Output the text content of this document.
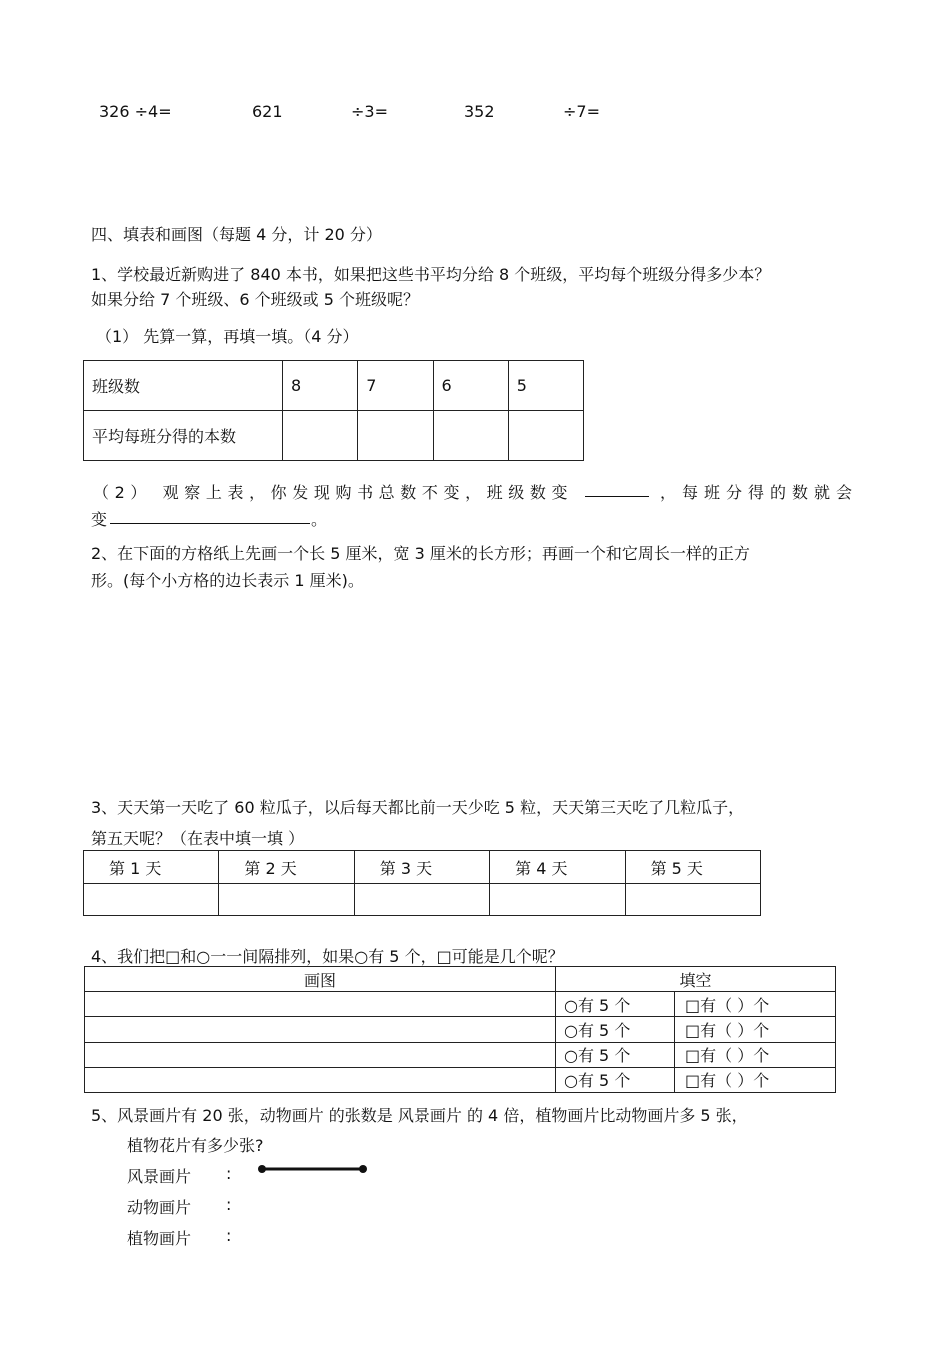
326 ÷4=	621	÷3=	352	÷7=
四、填表和画图（每题 4 分，计 20 分）
1、学校最近新购进了 840 本书，如果把这些书平均分给 8 个班级，平均每个班级分得多少本？
如果分给 7 个班级、6 个班级或 5 个班级呢？
（1） 先算一算，再填一填。（4 分）
班级数	8	7	6	5
平均每班分得的本数				
（2） 观察上表，你发现购书总数不变，班级数变	，每班分得的数就会
变	。
2、在下面的方格纸上先画一个长 5 厘米，宽 3 厘米的长方形；再画一个和它周长一样的正方
形。(每个小方格的边长表示 1 厘米)。
3、天天第一天吃了 60 粒瓜子，以后每天都比前一天少吃 5 粒，天天第三天吃了几粒瓜子，
第五天呢？（在表中填一填 ）
第 1 天	第 2 天	第 3 天	第 4 天	第 5 天

4、我们把□和○一一间隔排列，如果○有 5 个，□可能是几个呢？
画图	填空	
	○有 5 个	□有（ ）个
	○有 5 个	□有（ ）个
	○有 5 个	□有（ ）个
	○有 5 个	□有（ ）个
5、风景画片有 20 张，动物画片 的张数是 风景画片 的 4 倍，植物画片比动物画片多 5 张，
植物花片有多少张?
风景画片 :
动物画片 :
植物画片 :
